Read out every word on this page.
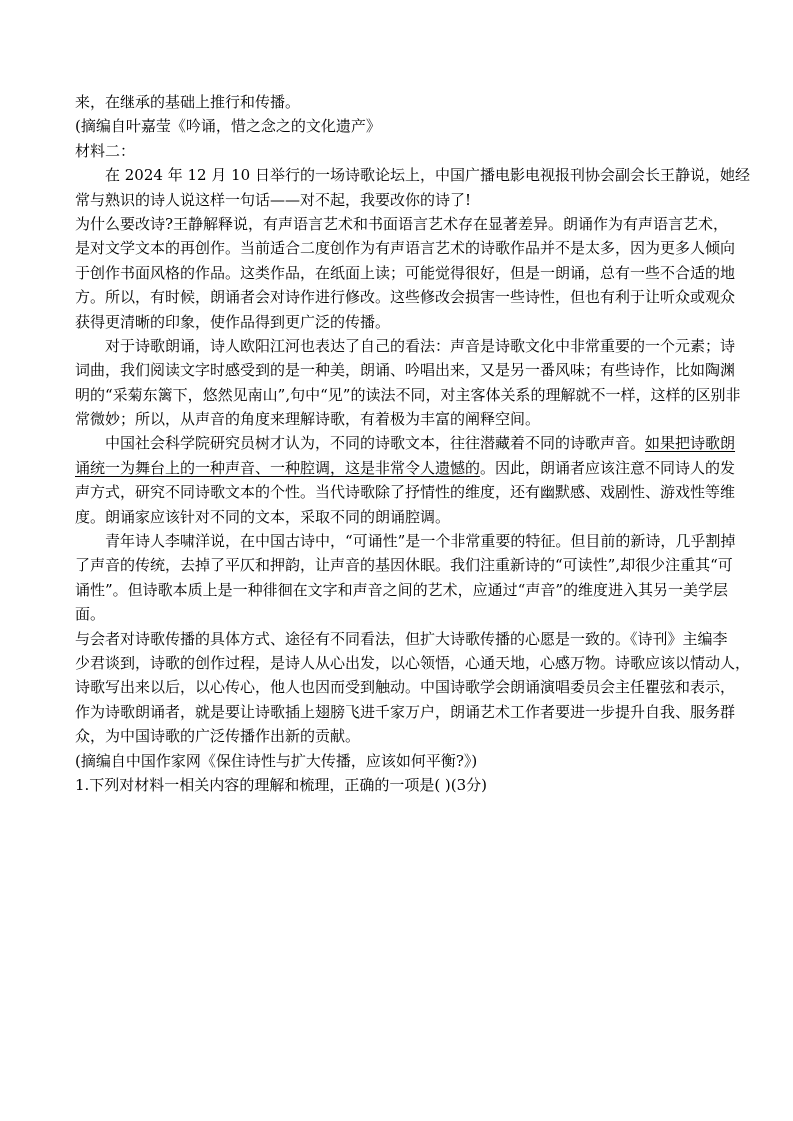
来，在继承的基础上推行和传播。
(摘编自叶嘉莹《吟诵，惜之念之的文化遗产》
材料二：
在 2024 年 12 月 10 日举行的一场诗歌论坛上，中国广播电影电视报刊协会副会长王静说，她经
常与熟识的诗人说这样一句话——对不起，我要改你的诗了!
为什么要改诗?王静解释说，有声语言艺术和书面语言艺术存在显著差异。朗诵作为有声语言艺术，
是对文学文本的再创作。当前适合二度创作为有声语言艺术的诗歌作品并不是太多，因为更多人倾向
于创作书面风格的作品。这类作品，在纸面上读；可能觉得很好，但是一朗诵，总有一些不合适的地
方。所以，有时候，朗诵者会对诗作进行修改。这些修改会损害一些诗性，但也有利于让听众或观众
获得更清晰的印象，使作品得到更广泛的传播。
对于诗歌朗诵，诗人欧阳江河也表达了自己的看法：声音是诗歌文化中非常重要的一个元素；诗
词曲，我们阅读文字时感受到的是一种美，朗诵、吟唱出来，又是另一番风味；有些诗作，比如陶渊
明的“采菊东篱下，悠然见南山”,句中“见”的读法不同，对主客体关系的理解就不一样，这样的区别非
常微妙；所以，从声音的角度来理解诗歌，有着极为丰富的阐释空间。
中国社会科学院研究员树才认为，不同的诗歌文本，往往潜藏着不同的诗歌声音。如果把诗歌朗
诵统一为舞台上的一种声音、一种腔调，这是非常令人遗憾的。因此，朗诵者应该注意不同诗人的发
声方式，研究不同诗歌文本的个性。当代诗歌除了抒情性的维度，还有幽默感、戏剧性、游戏性等维
度。朗诵家应该针对不同的文本，采取不同的朗诵腔调。
青年诗人李啸洋说，在中国古诗中，“可诵性”是一个非常重要的特征。但目前的新诗，几乎割掉
了声音的传统，去掉了平仄和押韵，让声音的基因休眠。我们注重新诗的“可读性”,却很少注重其“可
诵性”。但诗歌本质上是一种徘徊在文字和声音之间的艺术，应通过“声音”的维度进入其另一美学层
面。
与会者对诗歌传播的具体方式、途径有不同看法，但扩大诗歌传播的心愿是一致的。《诗刊》主编李
少君谈到，诗歌的创作过程，是诗人从心出发，以心领悟，心通天地，心感万物。诗歌应该以情动人，
诗歌写出来以后，以心传心，他人也因而受到触动。中国诗歌学会朗诵演唱委员会主任瞿弦和表示，
作为诗歌朗诵者，就是要让诗歌插上翅膀飞进千家万户，朗诵艺术工作者要进一步提升自我、服务群
众，为中国诗歌的广泛传播作出新的贡献。
(摘编自中国作家网《保住诗性与扩大传播，应该如何平衡?》)
1.下列对材料一相关内容的理解和梳理，正确的一项是( )(3分)
